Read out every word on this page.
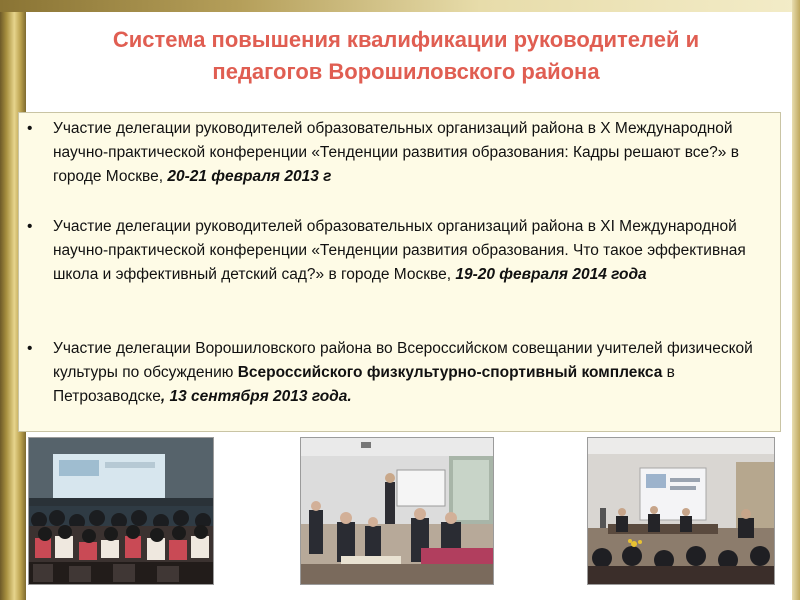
Система повышения квалификации руководителей и
педагогов Ворошиловского района
•	Участие делегации руководителей образовательных организаций района в X Международной научно-практической конференции «Тенденции развития образования: Кадры решают все?» в городе Москве, 20-21 февраля 2013 г
•	Участие делегации руководителей образовательных организаций района в XI Международной научно-практической конференции «Тенденции развития образования. Что такое эффективная школа и эффективный детский сад?» в городе Москве, 19-20 февраля 2014 года
•	Участие делегации Ворошиловского района во Всероссийском совещании учителей физической культуры по обсуждению Всероссийского физкультурно-спортивный комплекса в Петрозаводске, 13 сентября 2013 года.
